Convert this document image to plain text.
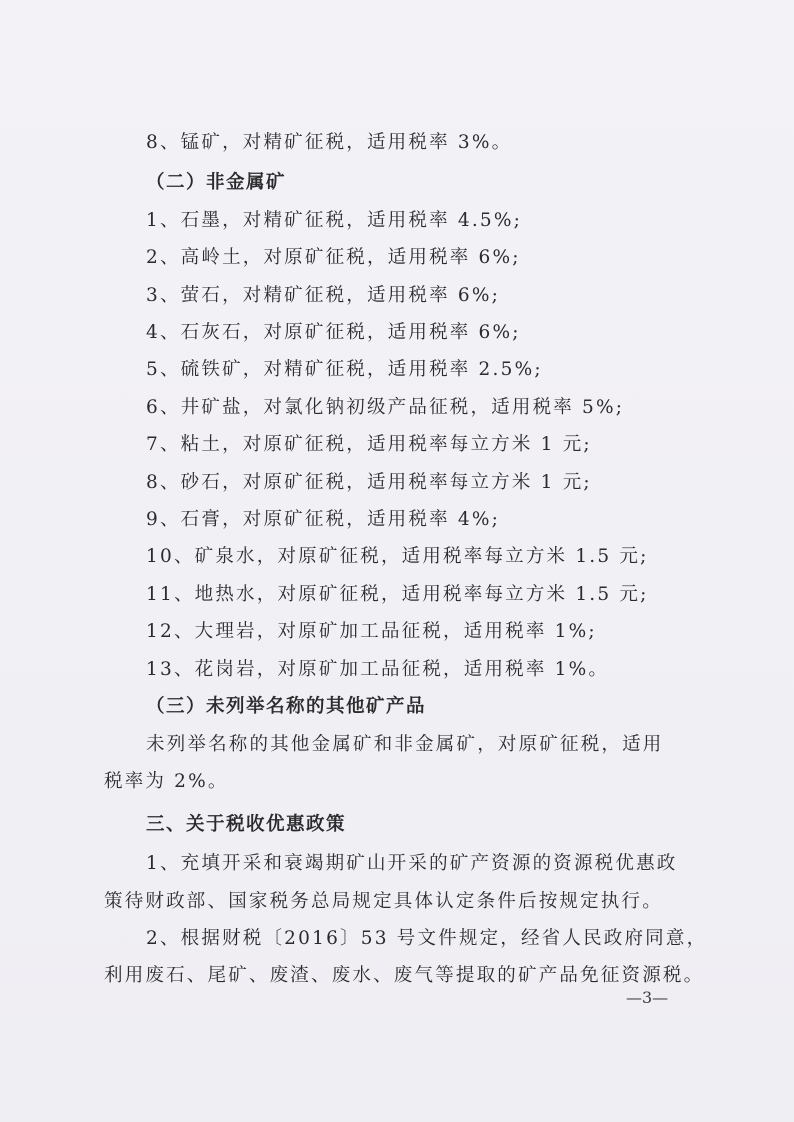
8、锰矿，对精矿征税，适用税率 3%。
（二）非金属矿
1、石墨，对精矿征税，适用税率 4.5%;
2、高岭土，对原矿征税，适用税率 6%;
3、萤石，对精矿征税，适用税率 6%;
4、石灰石，对原矿征税，适用税率 6%;
5、硫铁矿，对精矿征税，适用税率 2.5%;
6、井矿盐，对氯化钠初级产品征税，适用税率 5%;
7、粘土，对原矿征税，适用税率每立方米 1 元;
8、砂石，对原矿征税，适用税率每立方米 1 元;
9、石膏，对原矿征税，适用税率 4%;
10、矿泉水，对原矿征税，适用税率每立方米 1.5 元;
11、地热水，对原矿征税，适用税率每立方米 1.5 元;
12、大理岩，对原矿加工品征税，适用税率 1%;
13、花岗岩，对原矿加工品征税，适用税率 1%。
（三）未列举名称的其他矿产品
未列举名称的其他金属矿和非金属矿，对原矿征税，适用
税率为 2%。
三、关于税收优惠政策
1、充填开采和衰竭期矿山开采的矿产资源的资源税优惠政
策待财政部、国家税务总局规定具体认定条件后按规定执行。
2、根据财税〔2016〕53 号文件规定，经省人民政府同意，
利用废石、尾矿、废渣、废水、废气等提取的矿产品免征资源税。
—3—
